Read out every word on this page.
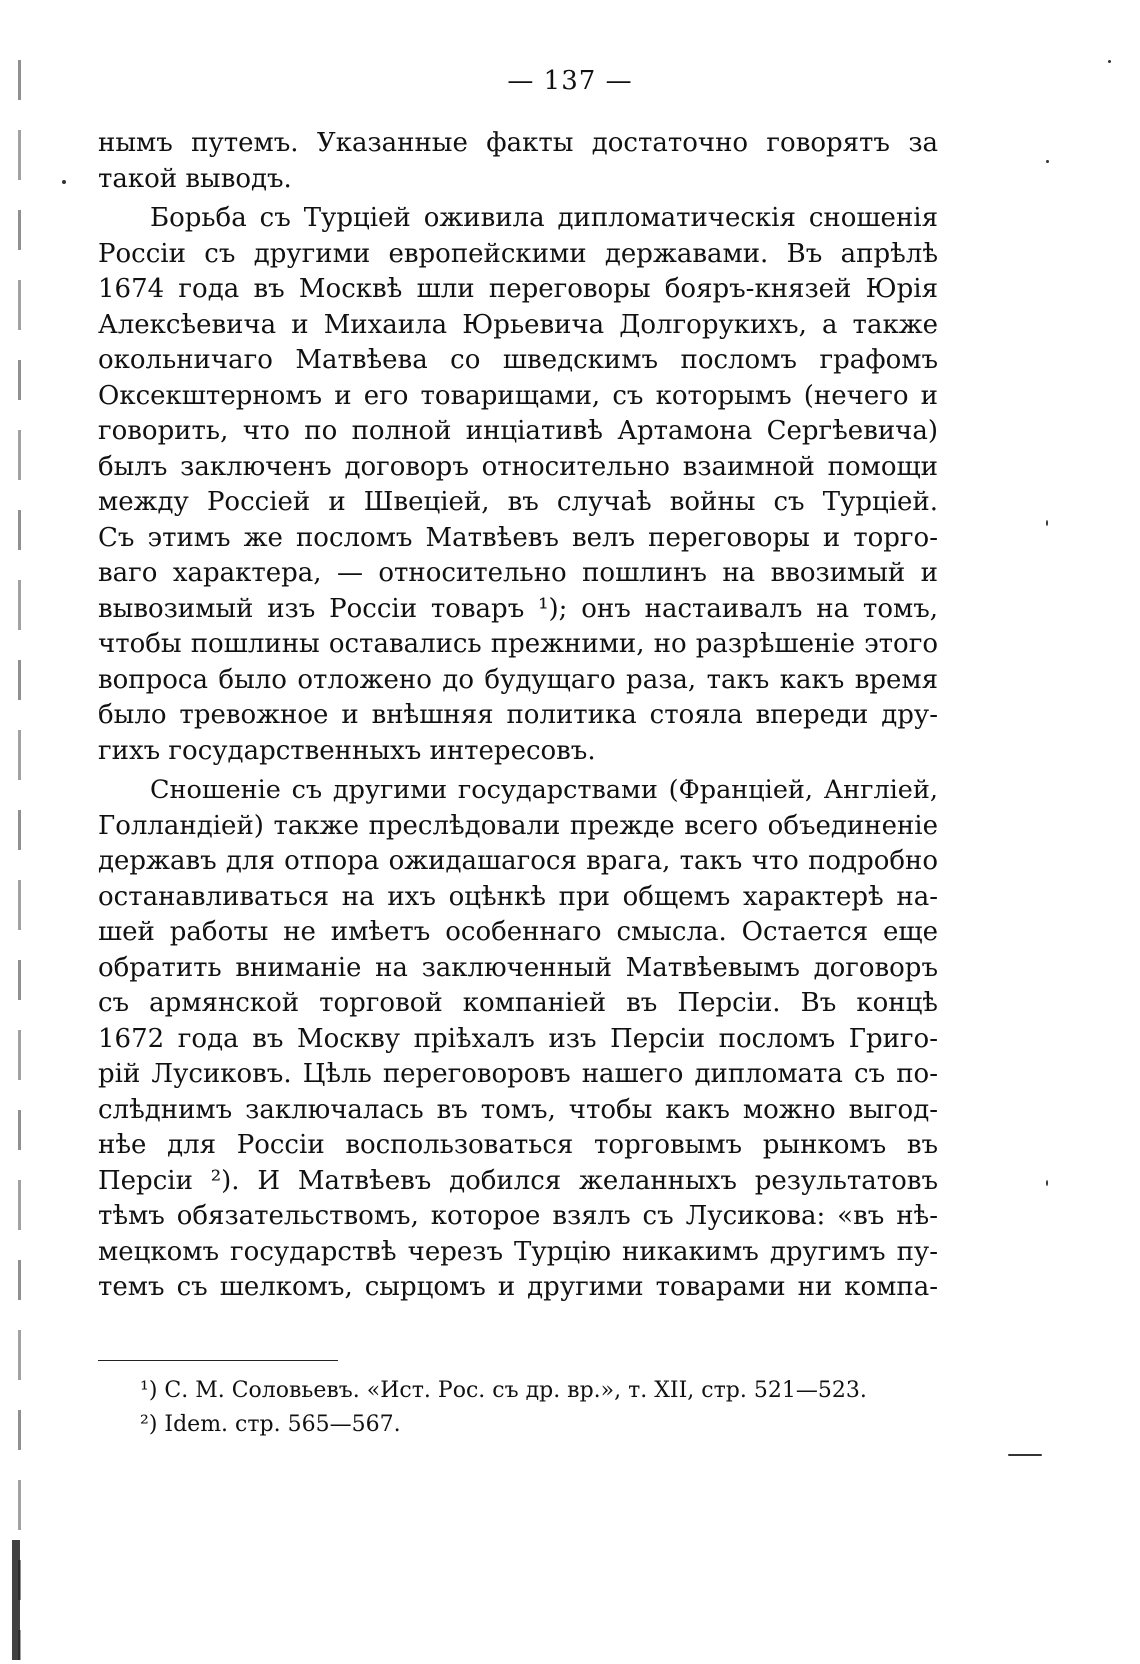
— 137 —
нымъ путемъ. Указанные факты достаточно говорятъ за
такой выводъ.
Борьба съ Турціей оживила дипломатическія сношенія
Россіи съ другими европейскими державами. Въ апрѣлѣ
1674 года въ Москвѣ шли переговоры бояръ-князей Юрія
Алексѣевича и Михаила Юрьевича Долгорукихъ, а также
окольничаго Матвѣева со шведскимъ посломъ графомъ
Оксекштерномъ и его товарищами, съ которымъ (нечего и
говорить, что по полной инціативѣ Артамона Сергѣевича)
былъ заключенъ договоръ относительно взаимной помощи
между Россіей и Швеціей, въ случаѣ войны съ Турціей.
Съ этимъ же посломъ Матвѣевъ велъ переговоры и торго-
ваго характера, — относительно пошлинъ на ввозимый и
вывозимый изъ Россіи товаръ ¹); онъ настаивалъ на томъ,
чтобы пошлины оставались прежними, но разрѣшеніе этого
вопроса было отложено до будущаго раза, такъ какъ время
было тревожное и внѣшняя политика стояла впереди дру-
гихъ государственныхъ интересовъ.
Сношеніе съ другими государствами (Франціей, Англіей,
Голландіей) также преслѣдовали прежде всего объединеніе
державъ для отпора ожидашагося врага, такъ что подробно
останавливаться на ихъ оцѣнкѣ при общемъ характерѣ на-
шей работы не имѣетъ особеннаго смысла. Остается еще
обратить вниманіе на заключенный Матвѣевымъ договоръ
съ армянской торговой компаніей въ Персіи. Въ концѣ
1672 года въ Москву пріѣхалъ изъ Персіи посломъ Григо-
рій Лусиковъ. Цѣль переговоровъ нашего дипломата съ по-
слѣднимъ заключалась въ томъ, чтобы какъ можно выгод-
нѣе для Россіи воспользоваться торговымъ рынкомъ въ
Персіи ²). И Матвѣевъ добился желанныхъ результатовъ
тѣмъ обязательствомъ, которое взялъ съ Лусикова: «въ нѣ-
мецкомъ государствѣ черезъ Турцію никакимъ другимъ пу-
темъ съ шелкомъ, сырцомъ и другими товарами ни компа-
¹) С. М. Соловьевъ. «Ист. Рос. съ др. вр.», т. XII, стр. 521—523.
²) Idem. стр. 565—567.
